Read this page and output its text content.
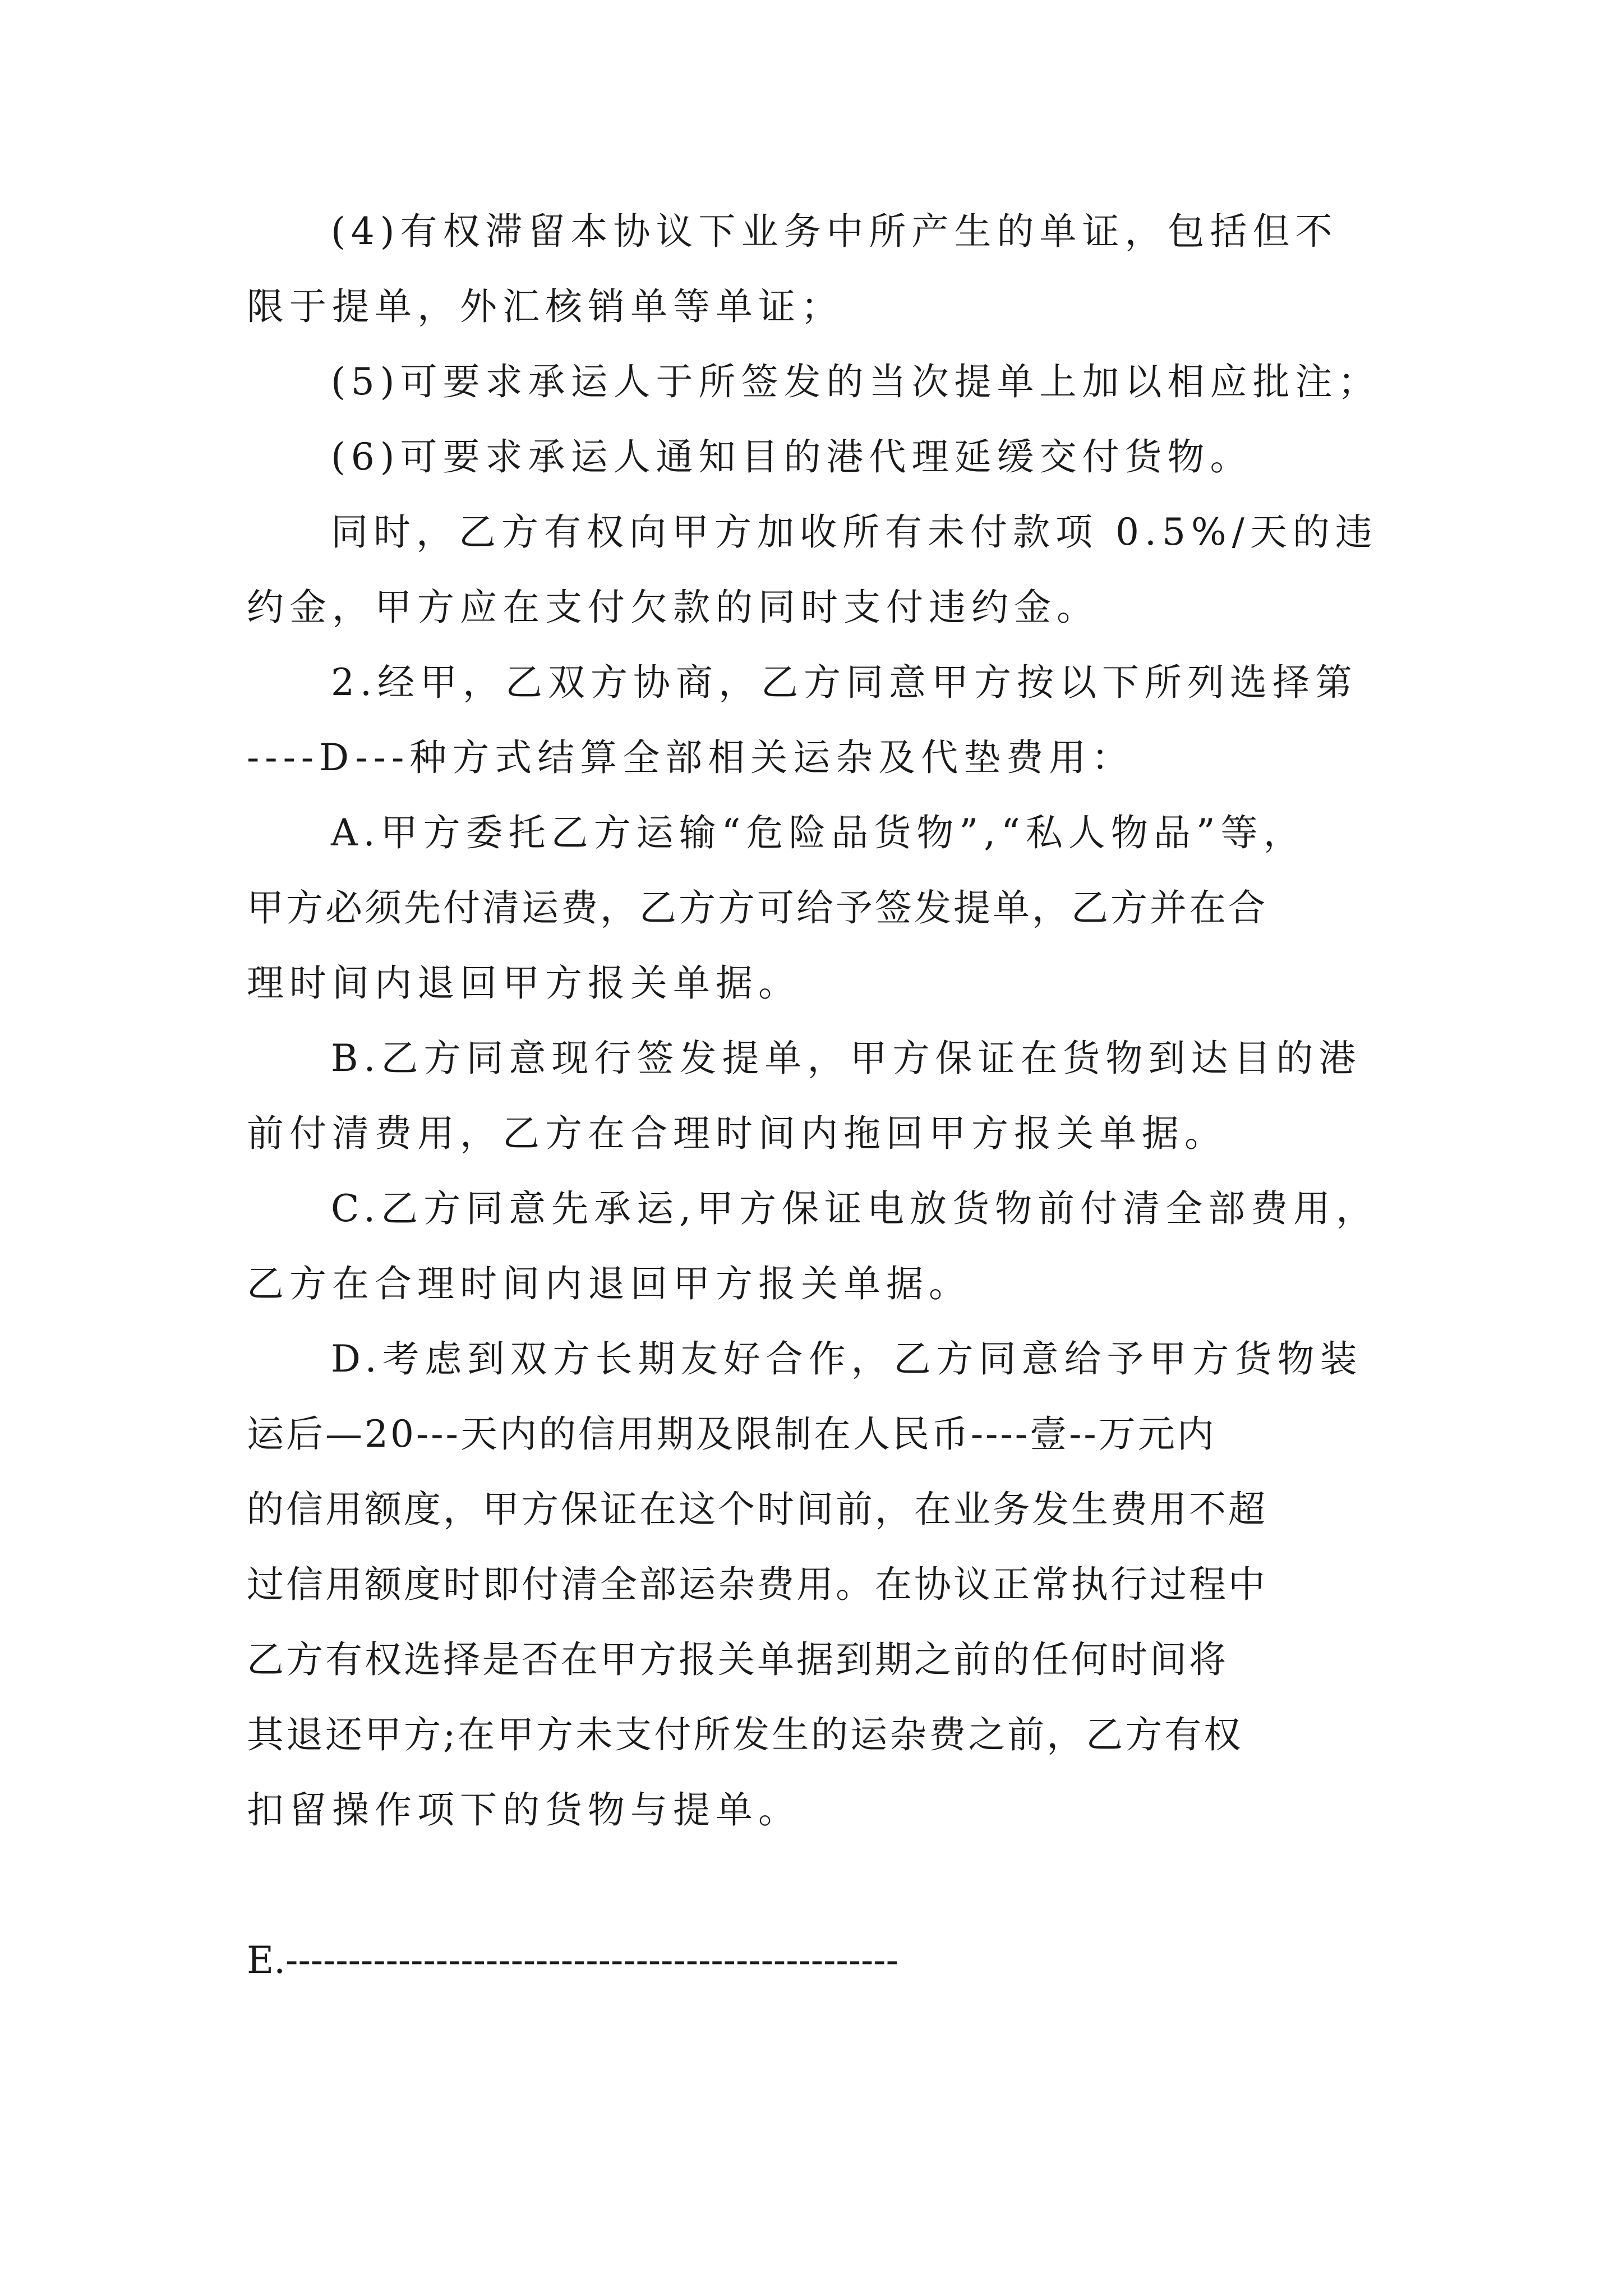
(4)有权滞留本协议下业务中所产生的单证，包括但不
限于提单，外汇核销单等单证；
(5)可要求承运人于所签发的当次提单上加以相应批注；
(6)可要求承运人通知目的港代理延缓交付货物。
同时，乙方有权向甲方加收所有未付款项 0.5%/天的违
约金，甲方应在支付欠款的同时支付违约金。
2.经甲，乙双方协商，乙方同意甲方按以下所列选择第
----D---种方式结算全部相关运杂及代垫费用：
A.甲方委托乙方运输“危险品货物”,“私人物品”等，
甲方必须先付清运费，乙方方可给予签发提单，乙方并在合
理时间内退回甲方报关单据。
B.乙方同意现行签发提单，甲方保证在货物到达目的港
前付清费用，乙方在合理时间内拖回甲方报关单据。
C.乙方同意先承运,甲方保证电放货物前付清全部费用，
乙方在合理时间内退回甲方报关单据。
D.考虑到双方长期友好合作，乙方同意给予甲方货物装
运后—20---天内的信用期及限制在人民币----壹--万元内
的信用额度，甲方保证在这个时间前，在业务发生费用不超
过信用额度时即付清全部运杂费用。在协议正常执行过程中
乙方有权选择是否在甲方报关单据到期之前的任何时间将
其退还甲方;在甲方未支付所发生的运杂费之前，乙方有权
扣留操作项下的货物与提单。
E.-------------------------------------------------
